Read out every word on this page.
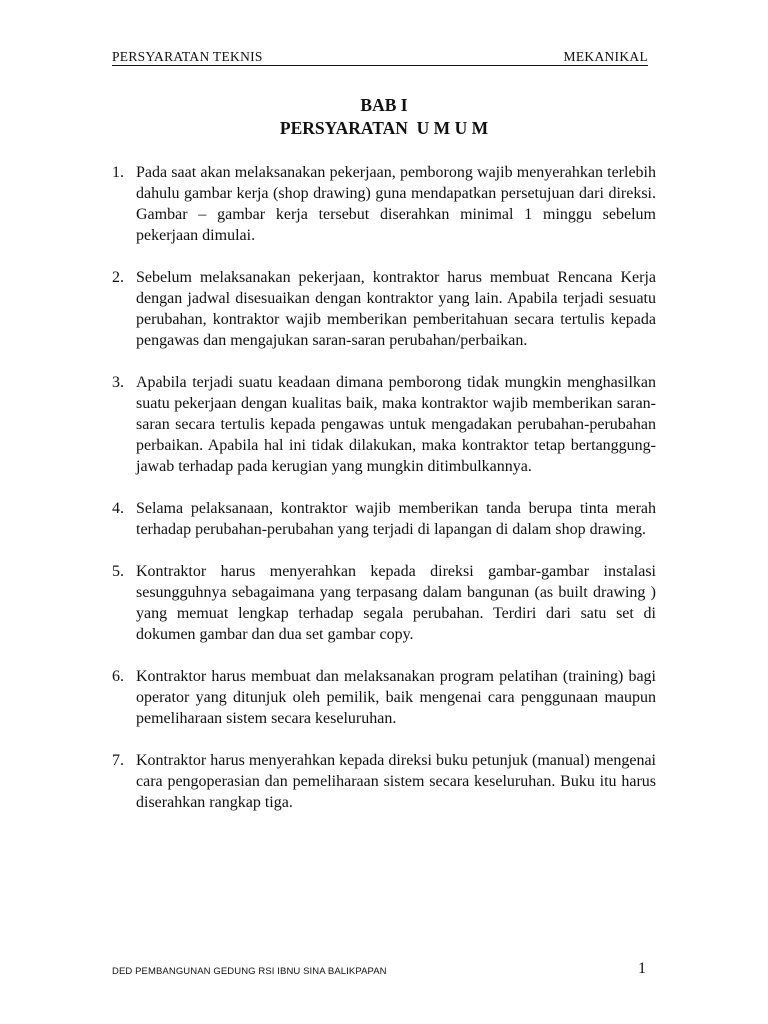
PERSYARATAN TEKNIS	MEKANIKAL
BAB I
PERSYARATAN  U M U M
1. Pada saat akan melaksanakan pekerjaan, pemborong wajib menyerahkan terlebih dahulu gambar kerja (shop drawing) guna mendapatkan persetujuan dari direksi. Gambar – gambar kerja tersebut diserahkan minimal 1 minggu sebelum pekerjaan dimulai.
2. Sebelum melaksanakan pekerjaan, kontraktor harus membuat Rencana Kerja dengan jadwal disesuaikan dengan kontraktor yang lain. Apabila terjadi sesuatu perubahan, kontraktor wajib memberikan pemberitahuan secara tertulis kepada pengawas dan mengajukan saran-saran perubahan/perbaikan.
3. Apabila terjadi suatu keadaan dimana pemborong tidak mungkin menghasilkan suatu pekerjaan dengan kualitas baik, maka kontraktor wajib memberikan saran-saran secara tertulis kepada pengawas untuk mengadakan perubahan-perubahan perbaikan. Apabila hal ini tidak dilakukan, maka kontraktor tetap bertanggung-jawab terhadap pada kerugian yang mungkin ditimbulkannya.
4. Selama pelaksanaan, kontraktor wajib memberikan tanda berupa tinta merah terhadap perubahan-perubahan yang terjadi di lapangan di dalam shop drawing.
5. Kontraktor harus menyerahkan kepada direksi gambar-gambar instalasi sesungguhnya sebagaimana yang terpasang dalam bangunan (as built drawing ) yang memuat lengkap terhadap segala perubahan. Terdiri dari satu set di dokumen gambar dan dua set gambar copy.
6. Kontraktor harus membuat dan melaksanakan program pelatihan (training) bagi operator yang ditunjuk oleh pemilik, baik mengenai cara penggunaan maupun pemeliharaan sistem secara keseluruhan.
7. Kontraktor harus menyerahkan kepada direksi buku petunjuk (manual) mengenai cara pengoperasian dan pemeliharaan sistem secara keseluruhan. Buku itu harus diserahkan rangkap tiga.
DED PEMBANGUNAN GEDUNG RSI IBNU SINA BALIKPAPAN	1
